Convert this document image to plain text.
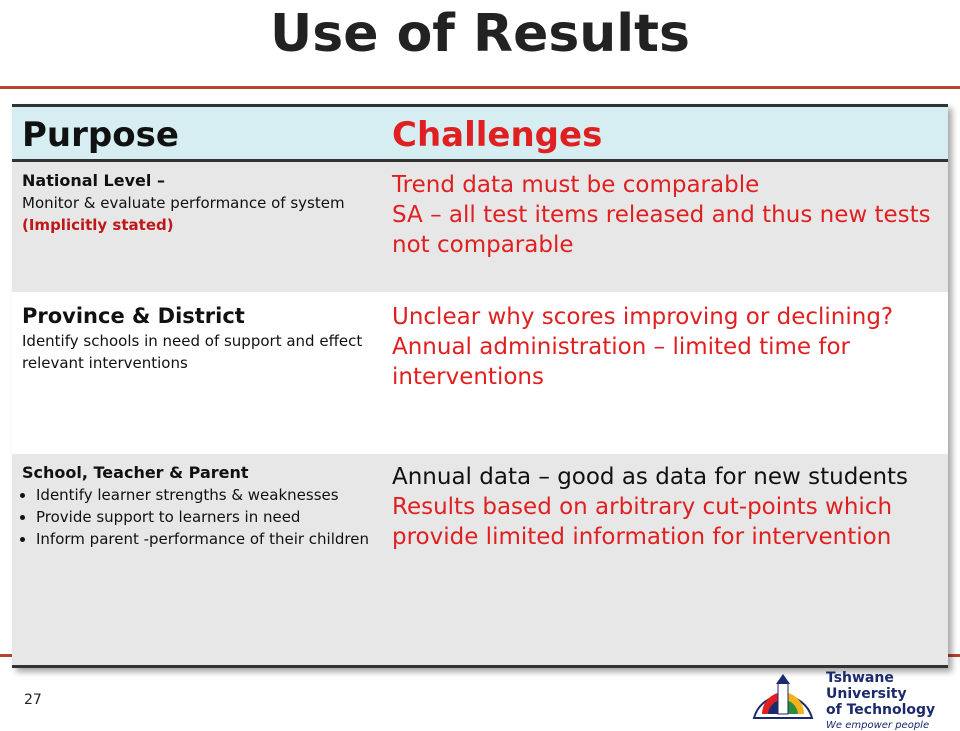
Use of Results
Purpose	Challenges
National Level –
Monitor & evaluate performance of system (Implicitly stated)
Trend data must be comparable
SA – all test items released and thus new tests not comparable
Province & District
Identify schools in need of support and effect relevant interventions
Unclear why scores improving or declining?
Annual administration – limited time for interventions
School, Teacher & Parent
• Identify learner strengths & weaknesses
• Provide support to learners in need
• Inform parent -performance of their children
Annual data – good as data for new students
Results based on arbitrary cut-points which provide limited information for intervention
27
Tshwane University
of Technology
We empower people
